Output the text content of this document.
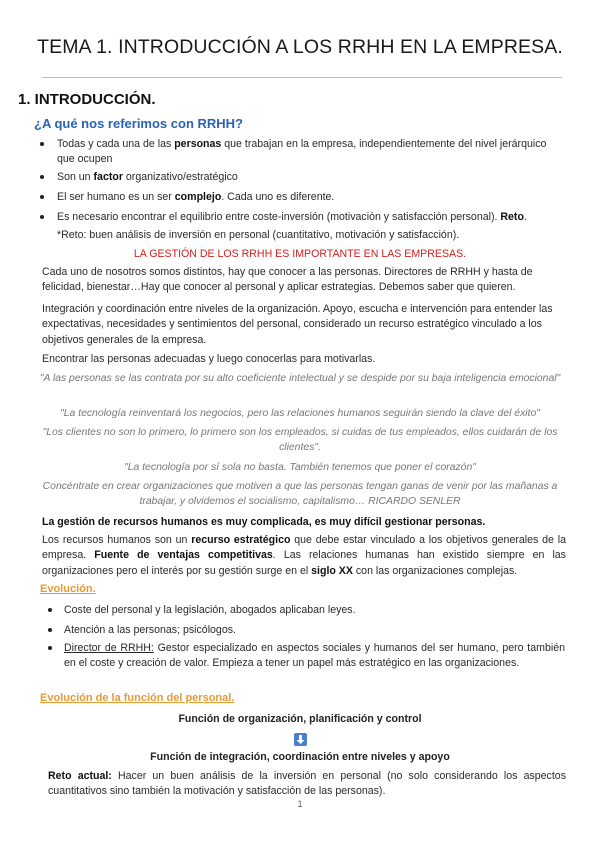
TEMA 1. INTRODUCCIÓN A LOS RRHH EN LA EMPRESA.
1. INTRODUCCIÓN.
¿A qué nos referimos con RRHH?
Todas y cada una de las personas que trabajan en la empresa, independientemente del nivel jerárquico que ocupen
Son un factor organizativo/estratégico
El ser humano es un ser complejo. Cada uno es diferente.
Es necesario encontrar el equilibrio entre coste-inversión (motivación y satisfacción personal). Reto.
*Reto: buen análisis de inversión en personal (cuantitativo, motivación y satisfacción).
LA GESTIÓN DE LOS RRHH ES IMPORTANTE EN LAS EMPRESAS.
Cada uno de nosotros somos distintos, hay que conocer a las personas. Directores de RRHH y hasta de felicidad, bienestar…Hay que conocer al personal y aplicar estrategias. Debemos saber que quieren.
Integración y coordinación entre niveles de la organización. Apoyo, escucha e intervención para entender las expectativas, necesidades y sentimientos del personal, considerado un recurso estratégico vinculado a los objetivos generales de la empresa.
Encontrar las personas adecuadas y luego conocerlas para motivarlas.
"A las personas se las contrata por su alto coeficiente intelectual y se despide por su baja inteligencia emocional"
"La tecnología reinventará los negocios, pero las relaciones humanos seguirán siendo la clave del éxito"
"Los clientes no son lo primero, lo primero son los empleados, si cuidas de tus empleados, ellos cuidarán de los clientes".
"La tecnología por sí sola no basta. También tenemos que poner el corazón"
Concéntrate en crear organizaciones que motiven a que las personas tengan ganas de venir por las mañanas a trabajar, y olvidemos el socialismo, capitalismo… RICARDO SENLER
La gestión de recursos humanos es muy complicada, es muy difícil gestionar personas.
Los recursos humanos son un recurso estratégico que debe estar vinculado a los objetivos generales de la empresa. Fuente de ventajas competitivas. Las relaciones humanas han existido siempre en las organizaciones pero el interés por su gestión surge en el siglo XX con las organizaciones complejas.
Evolución.
Coste del personal y la legislación, abogados aplicaban leyes.
Atención a las personas; psicólogos.
Director de RRHH: Gestor especializado en aspectos sociales y humanos del ser humano, pero también en el coste y creación de valor. Empieza a tener un papel más estratégico en las organizaciones.
Evolución de la función del personal.
Función de organización, planificación y control
Función de integración, coordinación entre niveles y apoyo
Reto actual: Hacer un buen análisis de la inversión en personal (no solo considerando los aspectos cuantitativos sino también la motivación y satisfacción de las personas).
1
